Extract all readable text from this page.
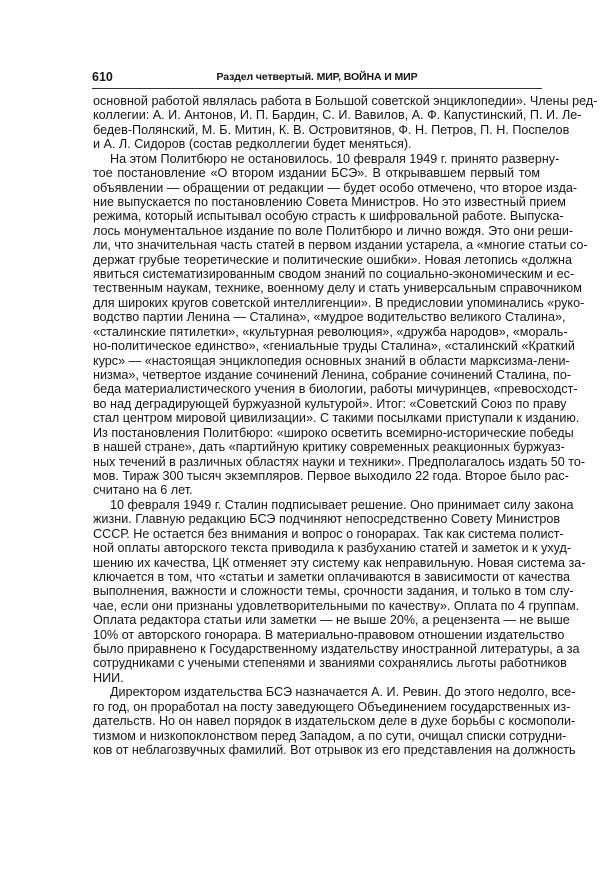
610	Раздел четвертый. МИР, ВОЙНА И МИР
основной работой являлась работа в Большой советской энциклопедии». Члены ред-
коллегии: А. И. Антонов, И. П. Бардин, С. И. Вавилов, А. Ф. Капустинский, П. И. Ле-
бедев-Полянский, М. Б. Митин, К. В. Островитянов, Ф. Н. Петров, П. Н. Поспелов
и А. Л. Сидоров (состав редколлегии будет меняться).
На этом Политбюро не остановилось. 10 февраля 1949 г. принято разверну-
тое постановление «О втором издании БСЭ». В открывавшем первый том
объявлении — обращении от редакции — будет особо отмечено, что второе изда-
ние выпускается по постановлению Совета Министров. Но это известный прием
режима, который испытывал особую страсть к шифровальной работе. Выпуска-
лось монументальное издание по воле Политбюро и лично вождя. Это они реши-
ли, что значительная часть статей в первом издании устарела, а «многие статьи со-
держат грубые теоретические и политические ошибки». Новая летопись «должна
явиться систематизированным сводом знаний по социально-экономическим и ес-
тественным наукам, технике, военному делу и стать универсальным справочником
для широких кругов советской интеллигенции». В предисловии упоминались «руко-
водство партии Ленина — Сталина», «мудрое водительство великого Сталина»,
«сталинские пятилетки», «культурная революция», «дружба народов», «мораль-
но-политическое единство», «гениальные труды Сталина», «сталинский «Краткий
курс» — «настоящая энциклопедия основных знаний в области марксизма-лени-
низма», четвертое издание сочинений Ленина, собрание сочинений Сталина, по-
беда материалистического учения в биологии, работы мичуринцев, «превосходст-
во над деградирующей буржуазной культурой». Итог: «Советский Союз по праву
стал центром мировой цивилизации». С такими посылками приступали к изданию.
Из постановления Политбюро: «широко осветить всемирно-исторические победы
в нашей стране», дать «партийную критику современных реакционных буржуаз-
ных течений в различных областях науки и техники». Предполагалось издать 50 то-
мов. Тираж 300 тысяч экземпляров. Первое выходило 22 года. Второе было рас-
считано на 6 лет.
10 февраля 1949 г. Сталин подписывает решение. Оно принимает силу закона
жизни. Главную редакцию БСЭ подчиняют непосредственно Совету Министров
СССР. Не остается без внимания и вопрос о гонорарах. Так как система полист-
ной оплаты авторского текста приводила к разбуханию статей и заметок и к ухуд-
шению их качества, ЦК отменяет эту систему как неправильную. Новая система за-
ключается в том, что «статьи и заметки оплачиваются в зависимости от качества
выполнения, важности и сложности темы, срочности задания, и только в том слу-
чае, если они признаны удовлетворительными по качеству». Оплата по 4 группам.
Оплата редактора статьи или заметки — не выше 20%, а рецензента — не выше
10% от авторского гонорара. В материально-правовом отношении издательство
было приравнено к Государственному издательству иностранной литературы, а за
сотрудниками с учеными степенями и званиями сохранялись льготы работников
НИИ.
Директором издательства БСЭ назначается А. И. Ревин. До этого недолго, все-
го год, он проработал на посту заведующего Объединением государственных из-
дательств. Но он навел порядок в издательском деле в духе борьбы с космополи-
тизмом и низкопоклонством перед Западом, а по сути, очищал списки сотрудни-
ков от неблагозвучных фамилий. Вот отрывок из его представления на должность
